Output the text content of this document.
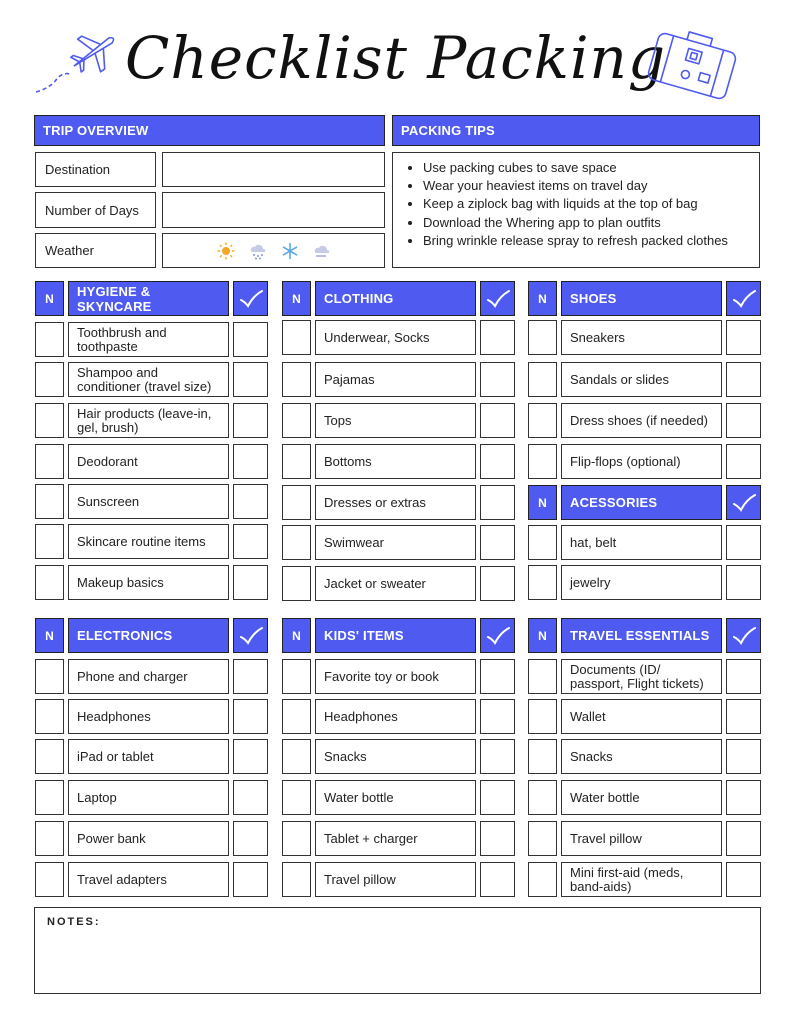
Checklist Packing
TRIP OVERVIEW
Destination
Number of Days
Weather
PACKING TIPS
• Use packing cubes to save space
• Wear your heaviest items on travel day
• Keep a ziplock bag with liquids at the top of bag
• Download the Whering app to plan outfits
• Bring wrinkle release spray to refresh packed clothes
N	HYGIENE & SKYNCARE
Toothbrush and toothpaste
Shampoo and conditioner (travel size)
Hair products (leave-in, gel, brush)
Deodorant
Sunscreen
Skincare routine items
Makeup basics
N	CLOTHING
Underwear, Socks
Pajamas
Tops
Bottoms
Dresses or extras
Swimwear
Jacket or sweater
N	SHOES
Sneakers
Sandals or slides
Dress shoes (if needed)
Flip-flops (optional)
N	ACESSORIES
hat, belt
jewelry
N	ELECTRONICS
Phone and charger
Headphones
iPad or tablet
Laptop
Power bank
Travel adapters
N	KIDS' ITEMS
Favorite toy or book
Headphones
Snacks
Water bottle
Tablet + charger
Travel pillow
N	TRAVEL ESSENTIALS
Documents (ID/ passport, Flight tickets)
Wallet
Snacks
Water bottle
Travel pillow
Mini first-aid (meds, band-aids)
NOTES:
